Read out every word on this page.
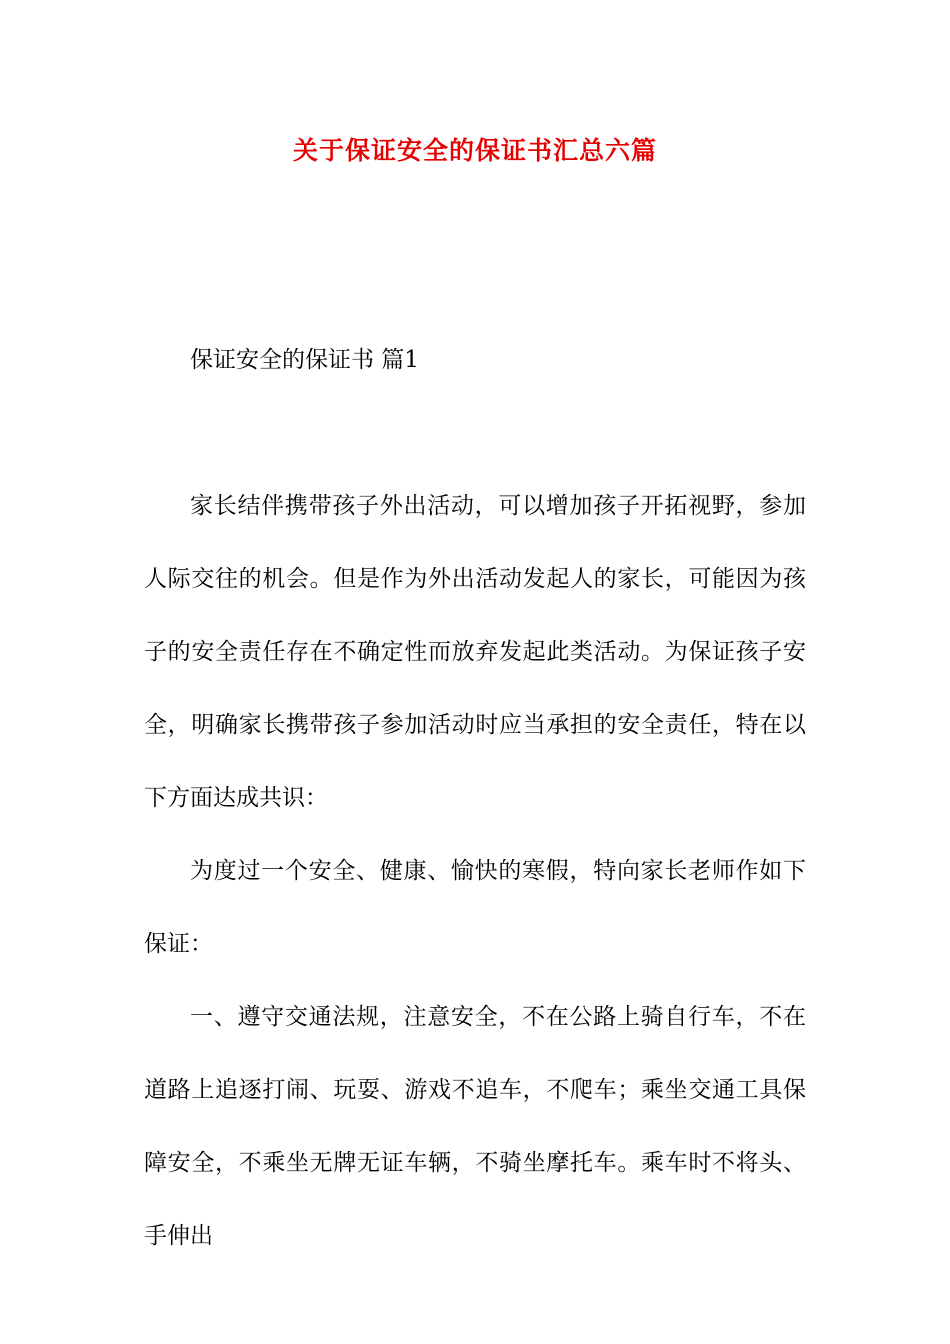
关于保证安全的保证书汇总六篇

保证安全的保证书 篇1

家长结伴携带孩子外出活动，可以增加孩子开拓视野，参加人际交往的机会。但是作为外出活动发起人的家长，可能因为孩子的安全责任存在不确定性而放弃发起此类活动。为保证孩子安全，明确家长携带孩子参加活动时应当承担的安全责任，特在以下方面达成共识：

为度过一个安全、健康、愉快的寒假，特向家长老师作如下保证：

一、遵守交通法规，注意安全，不在公路上骑自行车，不在道路上追逐打闹、玩耍、游戏不追车，不爬车；乘坐交通工具保障安全，不乘坐无牌无证车辆，不骑坐摩托车。乘车时不将头、手伸出
